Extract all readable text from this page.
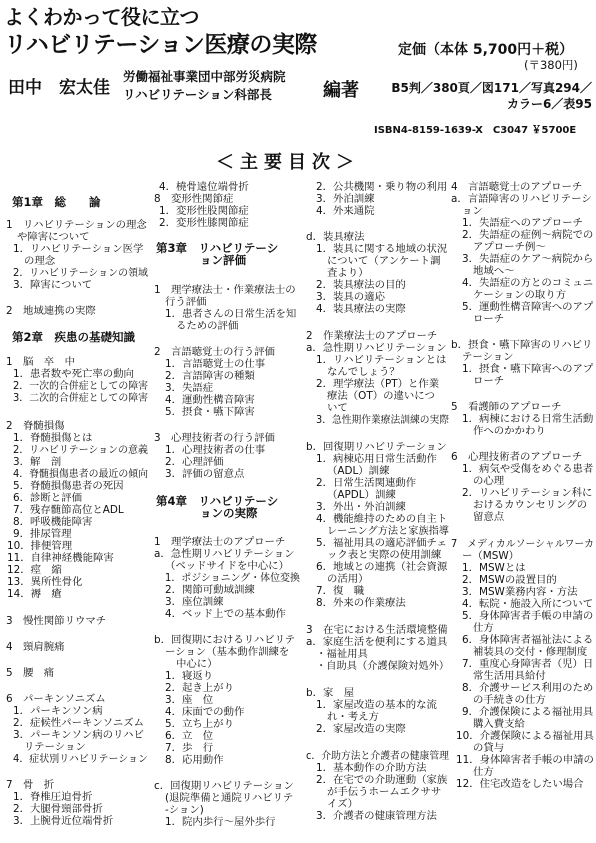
よくわかって役に立つ
リハビリテーション医療の実際	定価（本体 5,700円＋税）
(〒380円)
田中　宏太佳
労働福祉事業団中部労災病院
リハビリテーション科部長	編著	B5判／380頁／図171／写真294／
カラー6／表95
ISBN4-8159-1639-X　C3047 ￥5700E
＜主要目次＞
第1章　総　　論
1　リハビリテーションの理念
や障害について
1．リハビリテーション医学
の理念
2．リハビリテーションの領域
3．障害について
2　地域連携の実際
第2章　疾患の基礎知識
1　脳　卒　中
1．患者数や死亡率の動向
2．一次的合併症としての障害
3．二次的合併症としての障害
2　脊髄損傷
1．脊髄損傷とは
2．リハビリテーションの意義
3．解　剖
4．脊髄損傷患者の最近の傾向
5．脊髄損傷患者の死因
6．診断と評価
7．残存髄節高位とADL
8．呼吸機能障害
9．排尿管理
10．排便管理
11．自律神経機能障害
12．痙　縮
13．異所性骨化
14．褥　瘡
3　慢性関節リウマチ
4　頸肩腕痛
5　腰　痛
6　パーキンソニズム
1．パーキンソン病
2．症候性パーキンソニズム
3．パーキンソン病のリハビ
リテーション
4．症状別リハビリテーション
7　骨　折
1．脊椎圧迫骨折
2．大腿骨頸部骨折
3．上腕骨近位端骨折
4．橈骨遠位端骨折
8　変形性関節症
1．変形性股関節症
2．変形性膝関節症
第3章　リハビリテーシ
ョン評価
1　理学療法士・作業療法士の
行う評価
1．患者さんの日常生活を知
るための評価
2　言語聴覚士の行う評価
1．言語聴覚士の仕事
2．言語障害の種類
3．失語症
4．運動性構音障害
5．摂食・嚥下障害
3　心理技術者の行う評価
1．心理技術者の仕事
2．心理評価
3．評価の留意点
第4章　リハビリテーシ
ョンの実際
1　理学療法士のアプローチ
a．急性期リハビリテーション
（ベッドサイドを中心に）
1．ポジショニング・体位変換
2．関節可動域訓練
3．座位訓練
4．ベッド上での基本動作
b．回復期におけるリハビリテ
ーション（基本動作訓練を
中心に）
1．寝返り
2．起き上がり
3．座　位
4．床面での動作
5．立ち上がり
6．立　位
7．歩　行
8．応用動作
c．回復期リハビリテーション
(退院準備と通院リハビリテ
-ション)
1．院内歩行～屋外歩行
2．公共機関・乗り物の利用
3．外泊訓練
4．外来通院
d．装具療法
1．装具に関する地域の状況
について（アンケート調
査より）
2．装具療法の目的
3．装具の適応
4．装具療法の実際
2　作業療法士のアプローチ
a．急性期リハビリテーション
1．リハビリテーションとは
なんでしょう？
2．理学療法（PT）と作業
療法（OT）の違いにつ
いて
3．急性期作業療法訓練の実際
b．回復期リハビリテーション
1．病棟応用日常生活動作
（ADL）訓練
2．日常生活関連動作
（APDL）訓練
3．外出・外泊訓練
4．機能維持のための自主ト
レーニング方法と家族指導
5．福祉用具の適応評価チェ
ック表と実際の使用訓練
6．地域との連携（社会資源
の活用）
7．復　職
8．外来の作業療法
3　在宅における生活環境整備
a．家庭生活を便利にする道具
・福祉用具
・自助具（介護保険対処外）
b．家　屋
1．家屋改造の基本的な流
れ・考え方
2．家屋改造の実際
c．介助方法と介護者の健康管理
1．基本動作の介助方法
2．在宅での介助運動（家族
が手伝うホームエクササ
イズ）
3．介護者の健康管理方法
4　言語聴覚士のアプローチ
a．言語障害のリハビリテーシ
ョン
1．失語症へのアプローチ
2．失語症の症例～病院での
アプローチ例～
3．失語症のケア～病院から
地域へ～
4．失語症の方とのコミュニ
ケーションの取り方
5．運動性構音障害へのアプ
ローチ
b．摂食・嚥下障害のリハビリ
テーション
1．摂食・嚥下障害へのアプ
ローチ
5　看護師のアプローチ
1．病棟における日常生活動
作へのかかわり
6　心理技術者のアプローチ
1．病気や受傷をめぐる患者
の心理
2．リハビリテーション科に
おけるカウンセリングの
留意点
7　メディカルソーシャルワーカ
ー（MSW）
1．MSWとは
2．MSWの設置目的
3．MSW業務内容・方法
4．転院・施設入所について
5．身体障害者手帳の申請の
仕方
6．身体障害者福祉法による
補装具の交付・修理制度
7．重度心身障害者（児）日
常生活用具給付
8．介護サービス利用のため
の手続きの仕方
9．介護保険による福祉用具
購入費支給
10．介護保険による福祉用具
の貸与
11．身体障害者手帳の申請の
仕方
12．住宅改造をしたい場合
